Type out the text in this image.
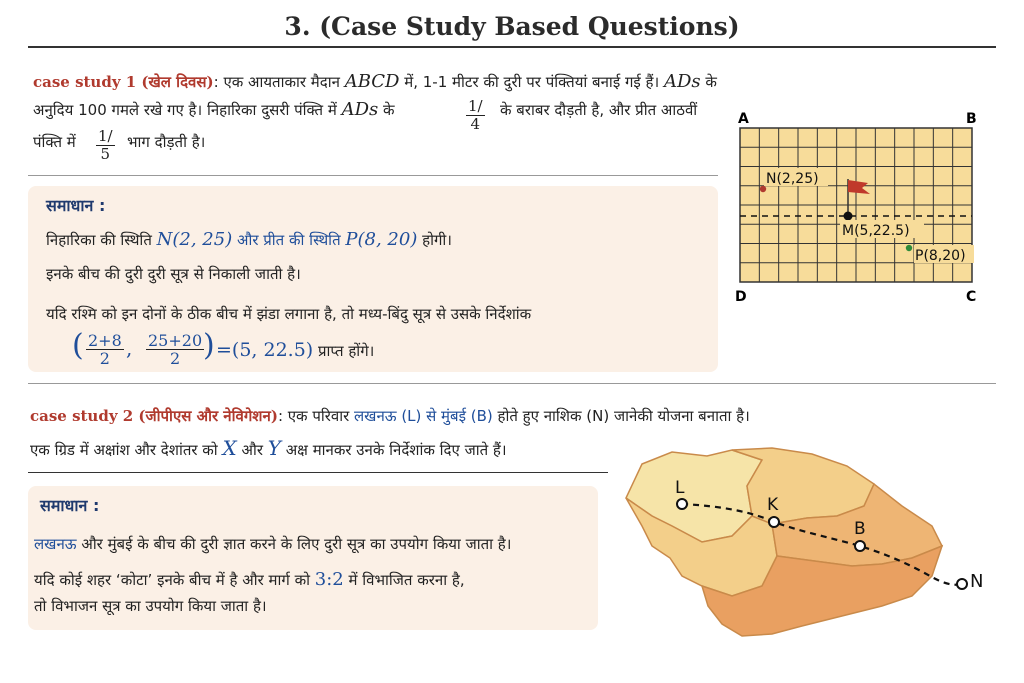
3. (Case Study Based Questions)
case study 1 (खेल दिवस): एक आयताकार मैदान ABCD में, 1-1 मीटर की दुरी पर पंक्तियां बनाई गई हैं। ADs के
अनुदिय 100 गमले रखे गए है। निहारिका दुसरी पंक्ति में ADs के	$\frac{1/}{4}$ के बराबर दौड़ती है, और प्रीत आठवीं
पंक्ति में $\frac{1/}{5}$ भाग दौड़ती है।
समाधान :
निहारिका की स्थिति N(2, 25) और प्रीत की स्थिति P(8, 20) होगी।
इनके बीच की दुरी दुरी सूत्र से निकाली जाती है।
यदि रश्मि को इन दोनों के ठीक बीच में झंडा लगाना है, तो मध्य-बिंदु सूत्र से उसके निर्देशांक
( $\frac{2+8}{2}$ , $\frac{25+20}{2}$
) =(5, 22.5) प्राप्त होंगे।
A	B
C
D
N(2,25)
M(5,22.5)
P(8,20)
case study 2 (जीपीएस और नेविगेशन): एक परिवार लखनऊ (L) से मुंबई (B) होते हुए नाशिक (N) जानेकी योजना बनाता है।
एक ग्रिड में अक्षांश और देशांतर को X और Y अक्ष मानकर उनके निर्देशांक दिए जाते हैं।
समाधान :
लखनऊ और मुंबई के बीच की दुरी ज्ञात करने के लिए दुरी सूत्र का उपयोग किया जाता है।
यदि कोई शहर ‘कोटा’ इनके बीच में है और मार्ग को 3:2 में विभाजित करना है,
तो विभाजन सूत्र का उपयोग किया जाता है।
L
K
B
N
